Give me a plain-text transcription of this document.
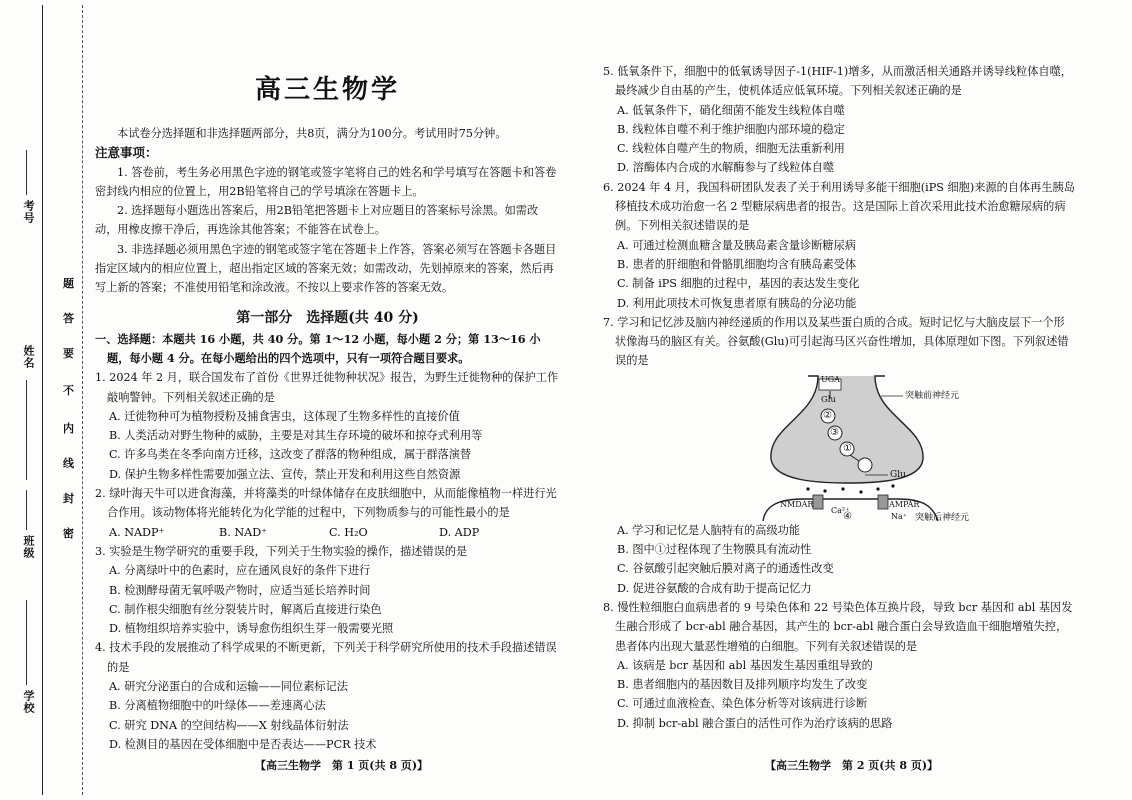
考号
姓名
班级
学校
题
答
要
不
内
线
封
密

高三生物学

本试卷分选择题和非选择题两部分，共8页，满分为100分。考试用时75分钟。

注意事项：

1. 答卷前，考生务必用黑色字迹的钢笔或签字笔将自己的姓名和学号填写在答题卡和答卷密封线内相应的位置上，用2B铅笔将自己的学号填涂在答题卡上。

2. 选择题每小题选出答案后，用2B铅笔把答题卡上对应题目的答案标号涂黑。如需改动，用橡皮擦干净后，再选涂其他答案；不能答在试卷上。

3. 非选择题必须用黑色字迹的钢笔或签字笔在答题卡上作答，答案必须写在答题卡各题目指定区域内的相应位置上，超出指定区域的答案无效；如需改动，先划掉原来的答案，然后再写上新的答案；不准使用铅笔和涂改液。不按以上要求作答的答案无效。

第一部分　选择题(共 40 分)

一、选择题：本题共 16 小题，共 40 分。第 1～12 小题，每小题 2 分；第 13～16 小题，每小题 4 分。在每小题给出的四个选项中，只有一项符合题目要求。

1. 2024 年 2 月，联合国发布了首份《世界迁徙物种状况》报告，为野生迁徙物种的保护工作敲响警钟。下列相关叙述正确的是

A. 迁徙物种可为植物授粉及捕食害虫，这体现了生物多样性的直接价值

B. 人类活动对野生物种的威胁，主要是对其生存环境的破坏和掠夺式利用等

C. 许多鸟类在冬季向南方迁移，这改变了群落的物种组成，属于群落演替

D. 保护生物多样性需要加强立法、宣传，禁止开发和利用这些自然资源

2. 绿叶海天牛可以进食海藻，并将藻类的叶绿体储存在皮肤细胞中，从而能像植物一样进行光合作用。该动物体将光能转化为化学能的过程中，下列物质参与的可能性最小的是

A. NADP⁺	B. NAD⁺	C. H₂O	D. ADP

3. 实验是生物学研究的重要手段，下列关于生物实验的操作，描述错误的是

A. 分离绿叶中的色素时，应在通风良好的条件下进行

B. 检测酵母菌无氧呼吸产物时，应适当延长培养时间

C. 制作根尖细胞有丝分裂装片时，解离后直接进行染色

D. 植物组织培养实验中，诱导愈伤组织生芽一般需要光照

4. 技术手段的发展推动了科学成果的不断更新，下列关于科学研究所使用的技术手段描述错误的是

A. 研究分泌蛋白的合成和运输——同位素标记法

B. 分离植物细胞中的叶绿体——差速离心法

C. 研究 DNA 的空间结构——X 射线晶体衍射法

D. 检测目的基因在受体细胞中是否表达——PCR 技术

【高三生物学　第 1 页(共 8 页)】

5. 低氧条件下，细胞中的低氧诱导因子-1(HIF-1)增多，从而激活相关通路并诱导线粒体自噬，最终减少自由基的产生，使机体适应低氧环境。下列相关叙述正确的是

A. 低氧条件下，硝化细菌不能发生线粒体自噬

B. 线粒体自噬不利于维护细胞内部环境的稳定

C. 线粒体自噬产生的物质，细胞无法重新利用

D. 溶酶体内合成的水解酶参与了线粒体自噬

6. 2024 年 4 月，我国科研团队发表了关于利用诱导多能干细胞(iPS 细胞)来源的自体再生胰岛移植技术成功治愈一名 2 型糖尿病患者的报告。这是国际上首次采用此技术治愈糖尿病的病例。下列相关叙述错误的是

A. 可通过检测血糖含量及胰岛素含量诊断糖尿病

B. 患者的肝细胞和骨骼肌细胞均含有胰岛素受体

C. 制备 iPS 细胞的过程中，基因的表达发生变化

D. 利用此项技术可恢复患者原有胰岛的分泌功能

7. 学习和记忆涉及脑内神经递质的作用以及某些蛋白质的合成。短时记忆与大脑皮层下一个形状像海马的脑区有关。谷氨酸(Glu)可引起海马区兴奋性增加，具体原理如下图。下列叙述错误的是

UGA
突触前神经元
Glu
②
③
①
Glu
NMDAR	AMPAR
Ca²⁺
Na⁺
④	突触后神经元

A. 学习和记忆是人脑特有的高级功能

B. 图中①过程体现了生物膜具有流动性

C. 谷氨酸引起突触后膜对离子的通透性改变

D. 促进谷氨酸的合成有助于提高记忆力

8. 慢性粒细胞白血病患者的 9 号染色体和 22 号染色体互换片段，导致 bcr 基因和 abl 基因发生融合形成了 bcr-abl 融合基因，其产生的 bcr-abl 融合蛋白会导致造血干细胞增殖失控，患者体内出现大量恶性增殖的白细胞。下列有关叙述错误的是

A. 该病是 bcr 基因和 abl 基因发生基因重组导致的

B. 患者细胞内的基因数目及排列顺序均发生了改变

C. 可通过血液检查、染色体分析等对该病进行诊断

D. 抑制 bcr-abl 融合蛋白的活性可作为治疗该病的思路

【高三生物学　第 2 页(共 8 页)】
